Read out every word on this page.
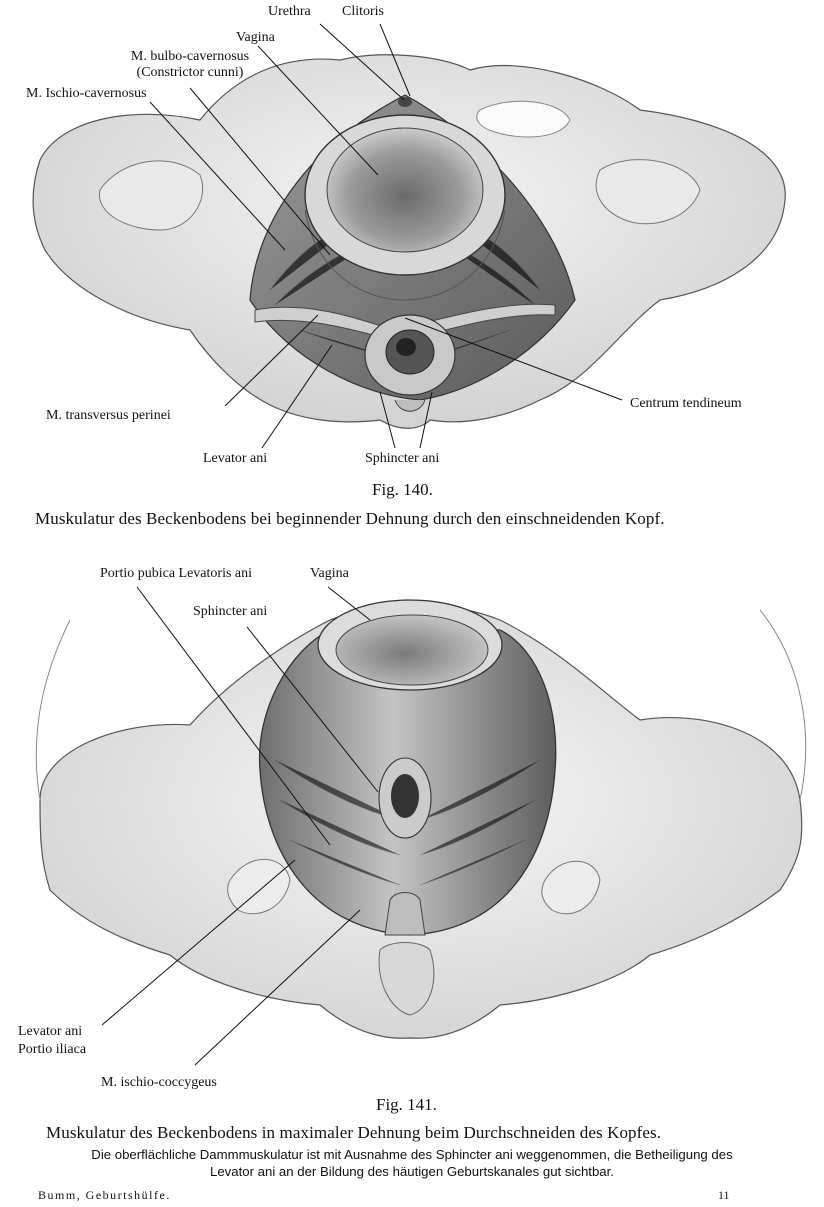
Urethra Clitoris
Vagina
M. bulbo-cavernosus
(Constrictor cunni)
M. Ischio-cavernosus
M. transversus perinei
Levator ani	Sphincter ani
Centrum tendineum
Fig. 140.
Muskulatur des Beckenbodens bei beginnender Dehnung durch den einschneidenden Kopf.
Portio pubica Levatoris ani	Vagina
Sphincter ani
Levator ani
Portio iliaca
M. ischio-coccygeus
Fig. 141.
Muskulatur des Beckenbodens in maximaler Dehnung beim Durchschneiden des Kopfes.
Die oberflächliche Dammmuskulatur ist mit Ausnahme des Sphincter ani weggenommen, die Betheiligung des
Levator ani an der Bildung des häutigen Geburtskanales gut sichtbar.
Bumm, Geburtshülfe.	11
